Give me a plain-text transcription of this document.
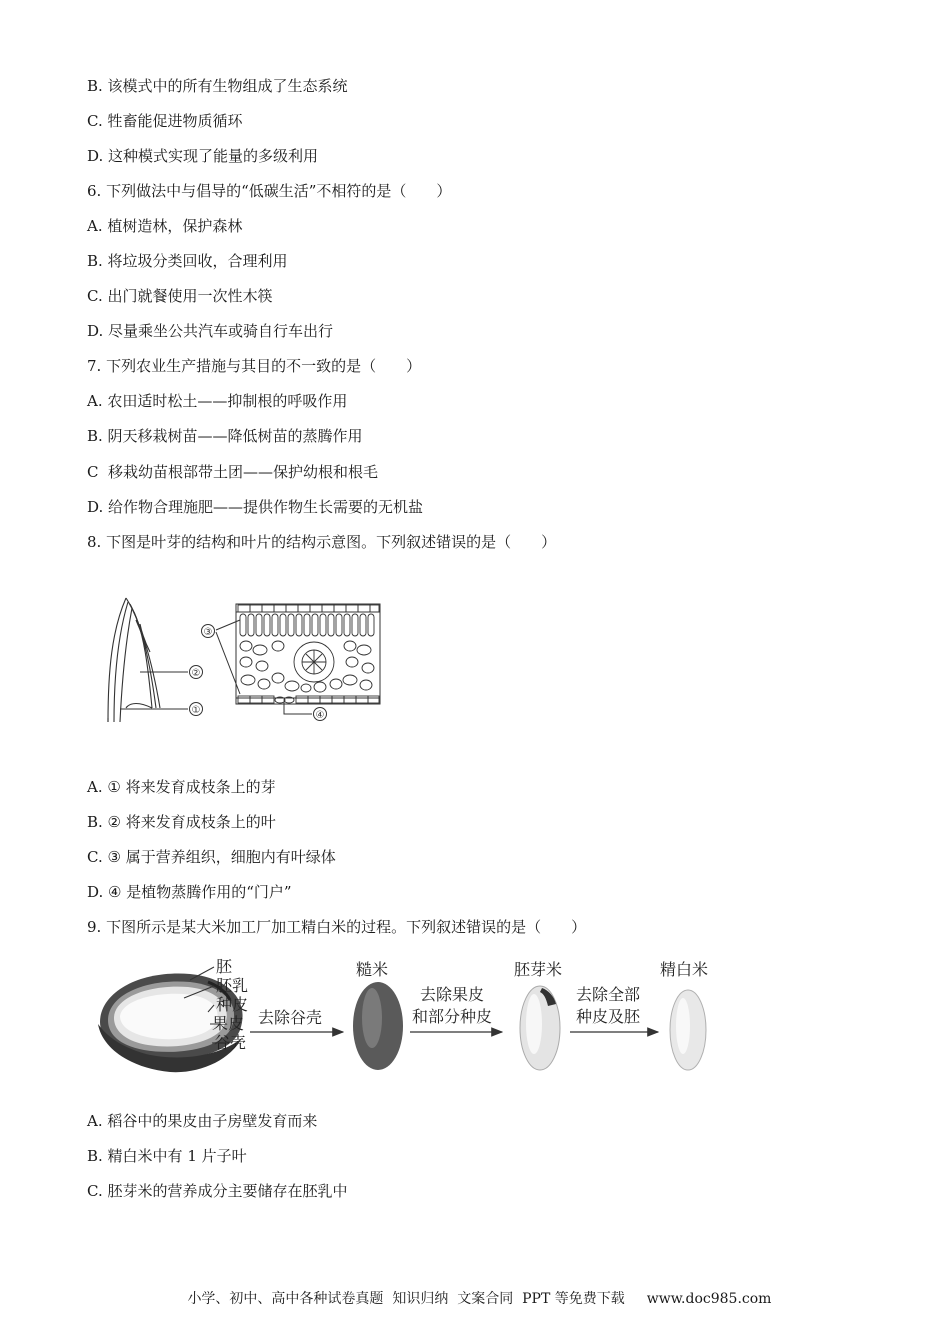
B. 该模式中的所有生物组成了生态系统
C. 牲畜能促进物质循环
D. 这种模式实现了能量的多级利用
6. 下列做法中与倡导的“低碳生活”不相符的是（　　）
A. 植树造林，保护森林
B. 将垃圾分类回收，合理利用
C. 出门就餐使用一次性木筷
D. 尽量乘坐公共汽车或骑自行车出行
7. 下列农业生产措施与其目的不一致的是（　　）
A. 农田适时松土——抑制根的呼吸作用
B. 阴天移栽树苗——降低树苗的蒸腾作用
C  移栽幼苗根部带土团——保护幼根和根毛
D. 给作物合理施肥——提供作物生长需要的无机盐
8. 下图是叶芽的结构和叶片的结构示意图。下列叙述错误的是（　　）
②
①
③
④
A. ① 将来发育成枝条上的芽
B. ② 将来发育成枝条上的叶
C. ③ 属于营养组织，细胞内有叶绿体
D. ④ 是植物蒸腾作用的“门户”
9. 下图所示是某大米加工厂加工精白米的过程。下列叙述错误的是（　　）
胚
胚乳
种皮
果皮
谷壳
去除谷壳
糙米
去除果皮
和部分种皮
胚芽米
去除全部
种皮及胚
精白米
A. 稻谷中的果皮由子房壁发育而来
B. 精白米中有 1 片子叶
C. 胚芽米的营养成分主要储存在胚乳中

小学、初中、高中各种试卷真题  知识归纳  文案合同  PPT 等免费下载 www.doc985.com
